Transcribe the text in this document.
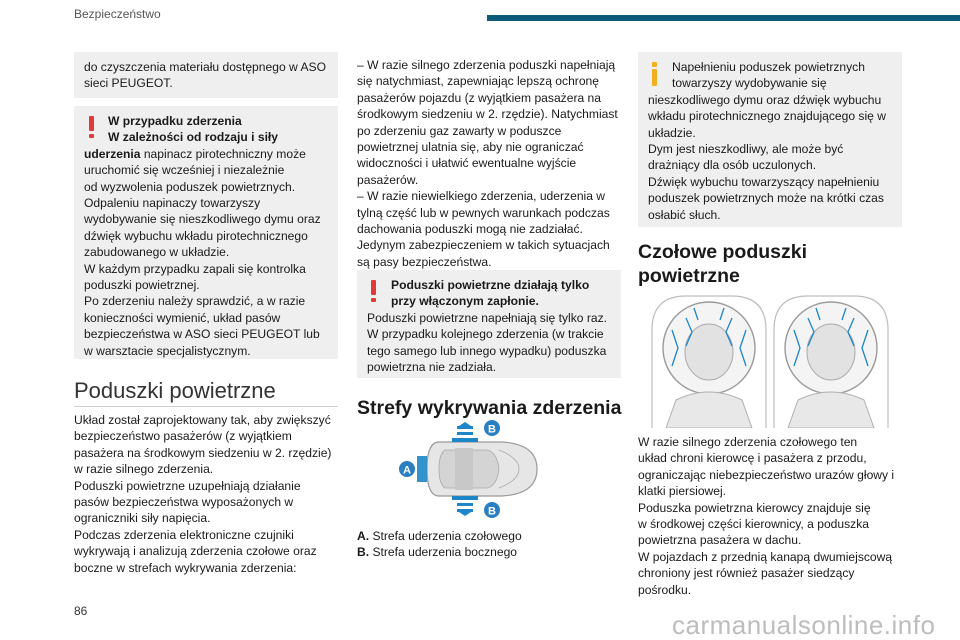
Bezpieczeństwo
do czyszczenia materiału dostępnego w ASO
sieci PEUGEOT.
W przypadku zderzenia
W zależności od rodzaju i siły
uderzenia napinacz pirotechniczny może
uruchomić się wcześniej i niezależnie
od wyzwolenia poduszek powietrznych.
Odpaleniu napinaczy towarzyszy
wydobywanie się nieszkodliwego dymu oraz
dźwięk wybuchu wkładu pirotechnicznego
zabudowanego w układzie.
W każdym przypadku zapali się kontrolka
poduszki powietrznej.
Po zderzeniu należy sprawdzić, a w razie
konieczności wymienić, układ pasów
bezpieczeństwa w ASO sieci PEUGEOT lub
w warsztacie specjalistycznym.
Poduszki powietrzne
Układ został zaprojektowany tak, aby zwiększyć
bezpieczeństwo pasażerów (z wyjątkiem
pasażera na środkowym siedzeniu w 2. rzędzie)
w razie silnego zderzenia.
Poduszki powietrzne uzupełniają działanie
pasów bezpieczeństwa wyposażonych w
ograniczniki siły napięcia.
Podczas zderzenia elektroniczne czujniki
wykrywają i analizują zderzenia czołowe oraz
boczne w strefach wykrywania zderzenia:
– W razie silnego zderzenia poduszki napełniają
się natychmiast, zapewniając lepszą ochronę
pasażerów pojazdu (z wyjątkiem pasażera na
środkowym siedzeniu w 2. rzędzie). Natychmiast
po zderzeniu gaz zawarty w poduszce
powietrznej ulatnia się, aby nie ograniczać
widoczności i ułatwić ewentualne wyjście
pasażerów.
– W razie niewielkiego zderzenia, uderzenia w
tylną część lub w pewnych warunkach podczas
dachowania poduszki mogą nie zadziałać.
Jedynym zabezpieczeniem w takich sytuacjach
są pasy bezpieczeństwa.
Poduszki powietrzne działają tylko
przy włączonym zapłonie.
Poduszki powietrzne napełniają się tylko raz.
W przypadku kolejnego zderzenia (w trakcie
tego samego lub innego wypadku) poduszka
powietrzna nie zadziała.
Strefy wykrywania zderzenia
A
B
B
A. Strefa uderzenia czołowego
B. Strefa uderzenia bocznego
Napełnieniu poduszek powietrznych
towarzyszy wydobywanie się
nieszkodliwego dymu oraz dźwięk wybuchu
wkładu pirotechnicznego znajdującego się w
układzie.
Dym jest nieszkodliwy, ale może być
drażniący dla osób uczulonych.
Dźwięk wybuchu towarzyszący napełnieniu
poduszek powietrznych może na krótki czas
osłabić słuch.
Czołowe poduszki
powietrzne
W razie silnego zderzenia czołowego ten
układ chroni kierowcę i pasażera z przodu,
ograniczając niebezpieczeństwo urazów głowy i
klatki piersiowej.
Poduszka powietrzna kierowcy znajduje się
w środkowej części kierownicy, a poduszka
powietrzna pasażera w dachu.
W pojazdach z przednią kanapą dwumiejscową
chroniony jest również pasażer siedzący
pośrodku.
86	carmanualsonline.info
